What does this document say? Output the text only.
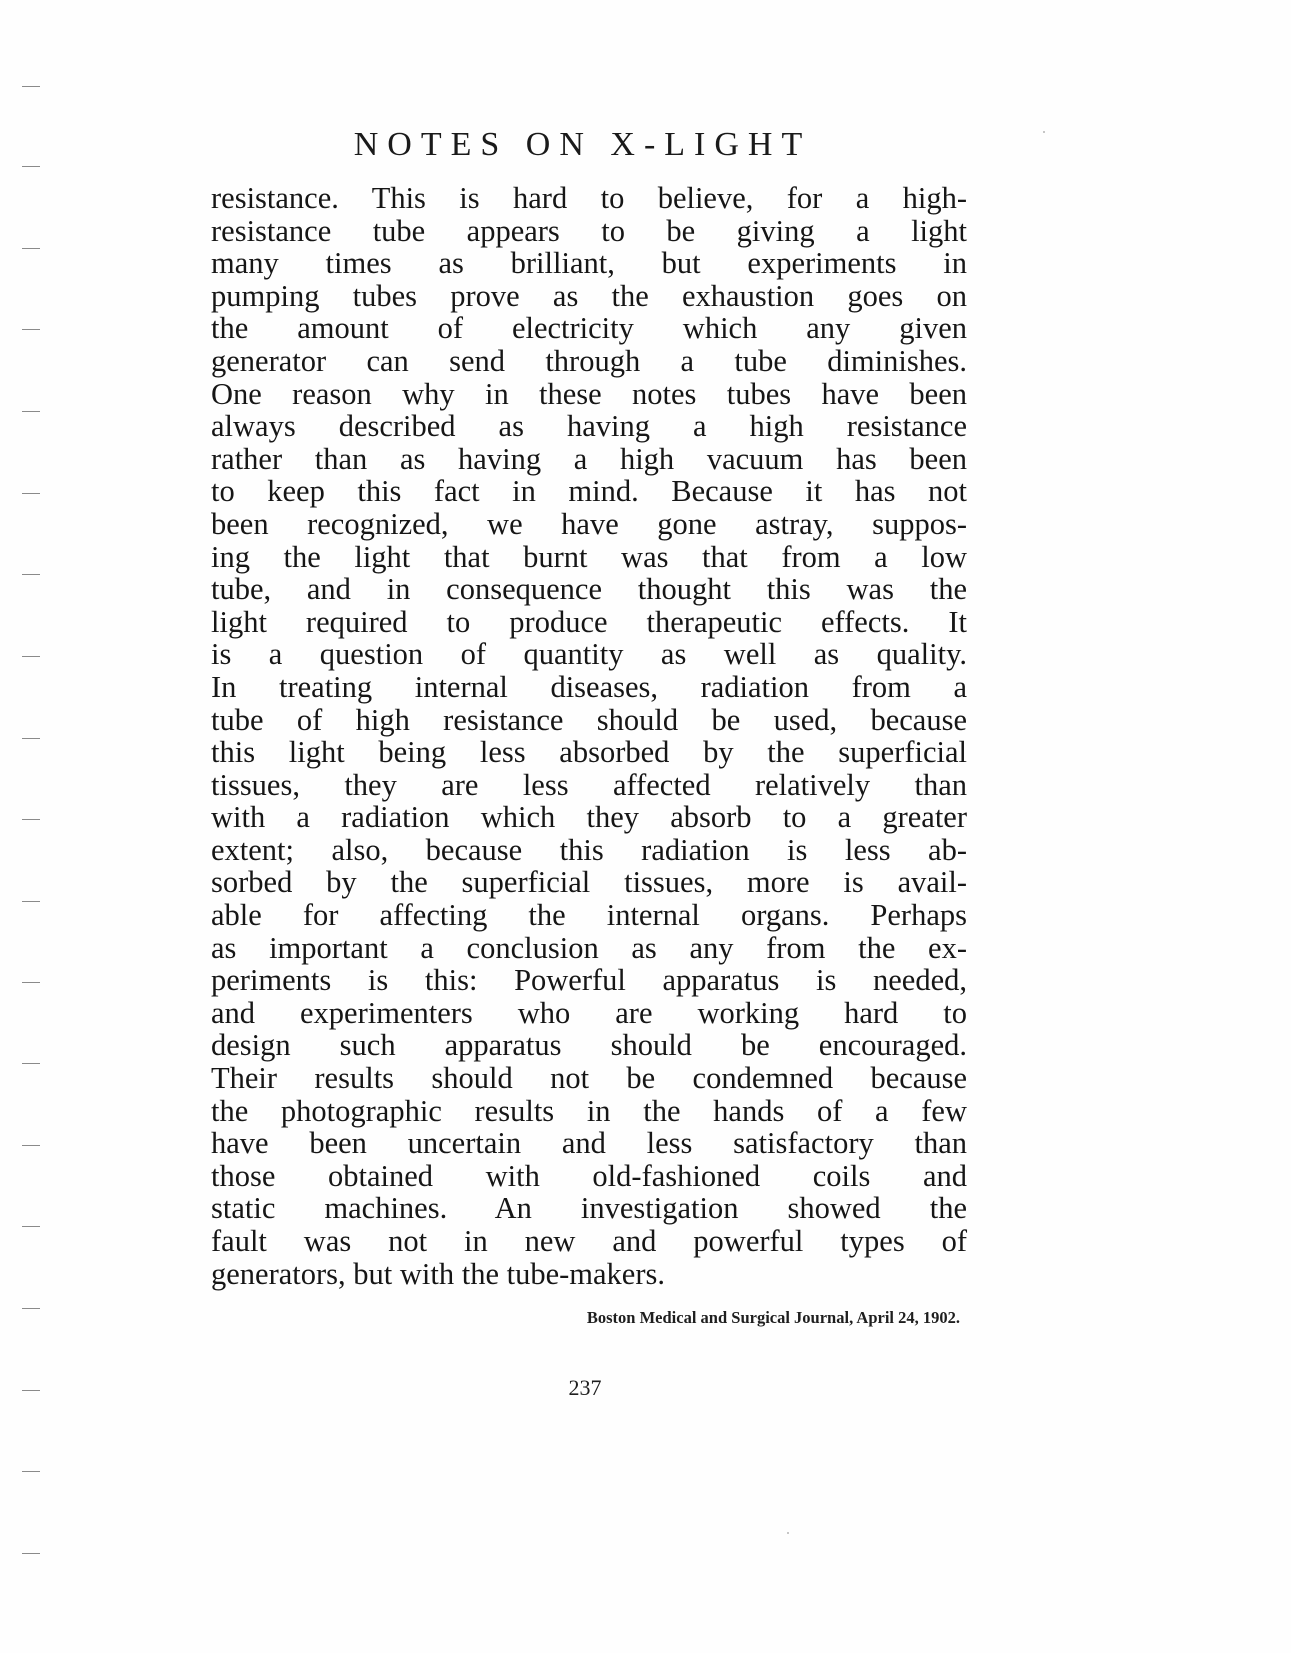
NOTES ON X-LIGHT
resistance. This is hard to believe, for a high-
resistance tube appears to be giving a light
many times as brilliant, but experiments in
pumping tubes prove as the exhaustion goes on
the amount of electricity which any given
generator can send through a tube diminishes.
One reason why in these notes tubes have been
always described as having a high resistance
rather than as having a high vacuum has been
to keep this fact in mind. Because it has not
been recognized, we have gone astray, suppos-
ing the light that burnt was that from a low
tube, and in consequence thought this was the
light required to produce therapeutic effects. It
is a question of quantity as well as quality.
In treating internal diseases, radiation from a
tube of high resistance should be used, because
this light being less absorbed by the superficial
tissues, they are less affected relatively than
with a radiation which they absorb to a greater
extent; also, because this radiation is less ab-
sorbed by the superficial tissues, more is avail-
able for affecting the internal organs. Perhaps
as important a conclusion as any from the ex-
periments is this: Powerful apparatus is needed,
and experimenters who are working hard to
design such apparatus should be encouraged.
Their results should not be condemned because
the photographic results in the hands of a few
have been uncertain and less satisfactory than
those obtained with old-fashioned coils and
static machines. An investigation showed the
fault was not in new and powerful types of
generators, but with the tube-makers.
Boston Medical and Surgical Journal, April 24, 1902.
237
